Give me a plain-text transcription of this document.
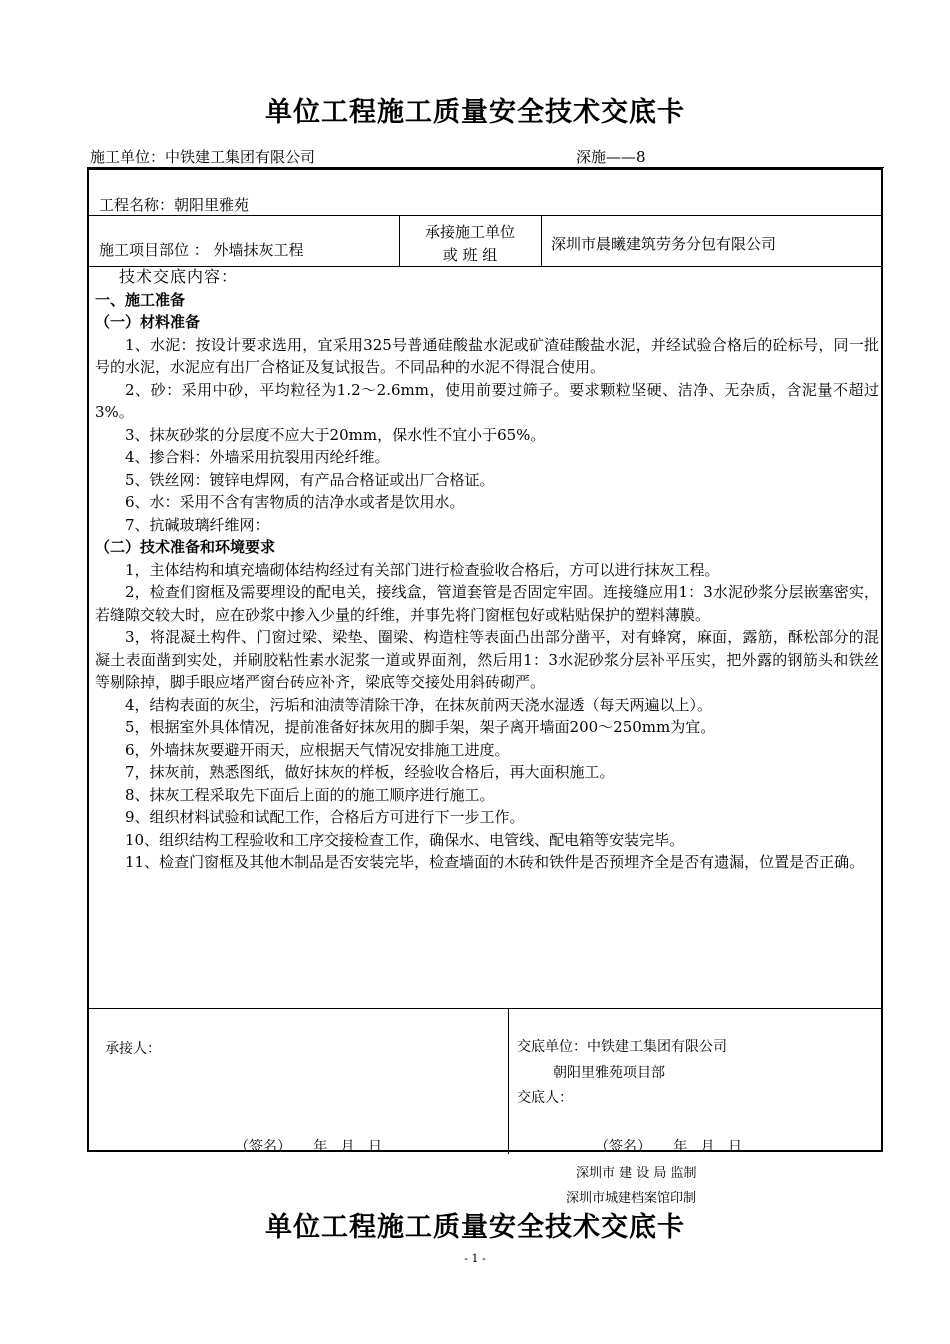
单位工程施工质量安全技术交底卡
施工单位：中铁建工集团有限公司	深施——8
工程名称：朝阳里雅苑
施工项目部位 ： 外墙抹灰工程
承接施工单位
或 班 组
深圳市晨曦建筑劳务分包有限公司

技术交底内容：

一、施工准备

（一）材料准备

1、水泥：按设计要求选用，宜采用325号普通硅酸盐水泥或矿渣硅酸盐水泥，并经试验合格后的砼标号，同一批号的水泥，水泥应有出厂合格证及复试报告。不同品种的水泥不得混合使用。

2、砂：采用中砂，平均粒径为1.2～2.6mm，使用前要过筛子。要求颗粒坚硬、洁净、无杂质，含泥量不超过3%。

3、抹灰砂浆的分层度不应大于20mm，保水性不宜小于65%。

4、掺合料：外墙采用抗裂用丙纶纤维。

5、铁丝网：镀锌电焊网，有产品合格证或出厂合格证。

6、水：采用不含有害物质的洁净水或者是饮用水。

7、抗碱玻璃纤维网：

（二）技术准备和环境要求

1，主体结构和填充墙砌体结构经过有关部门进行检查验收合格后，方可以进行抹灰工程。

2，检查们窗框及需要埋设的配电关，接线盒，管道套管是否固定牢固。连接缝应用1：3水泥砂浆分层嵌塞密实，若缝隙交较大时，应在砂浆中掺入少量的纤维，并事先将门窗框包好或粘贴保护的塑料薄膜。

3，将混凝土构件、门窗过梁、梁垫、圈梁、构造柱等表面凸出部分凿平，对有蜂窝，麻面，露筋，酥松部分的混凝土表面凿到实处，并刷胶粘性素水泥浆一道或界面剂，然后用1：3水泥砂浆分层补平压实，把外露的钢筋头和铁丝等剔除掉，脚手眼应堵严窗台砖应补齐，梁底等交接处用斜砖砌严。

4，结构表面的灰尘，污垢和油渍等清除干净，在抹灰前两天浇水湿透（每天两遍以上）。

5，根据室外具体情况，提前准备好抹灰用的脚手架，架子离开墙面200～250mm为宜。

6，外墙抹灰要避开雨天，应根据天气情况安排施工进度。

7，抹灰前，熟悉图纸，做好抹灰的样板，经验收合格后，再大面积施工。

8、抹灰工程采取先下面后上面的的施工顺序进行施工。

9、组织材料试验和试配工作，合格后方可进行下一步工作。

10、组织结构工程验收和工序交接检查工作，确保水、电管线、配电箱等安装完毕。

11、检查门窗框及其他木制品是否安装完毕，检查墙面的木砖和铁件是否预埋齐全是否有遗漏，位置是否正确。

承接人：	交底单位：中铁建工集团有限公司
朝阳里雅苑项目部
交底人：
（签名）     年   月   日	（签名）     年   月   日
深圳市 建 设 局 监制
深圳市城建档案馆印制
单位工程施工质量安全技术交底卡
- 1 -
